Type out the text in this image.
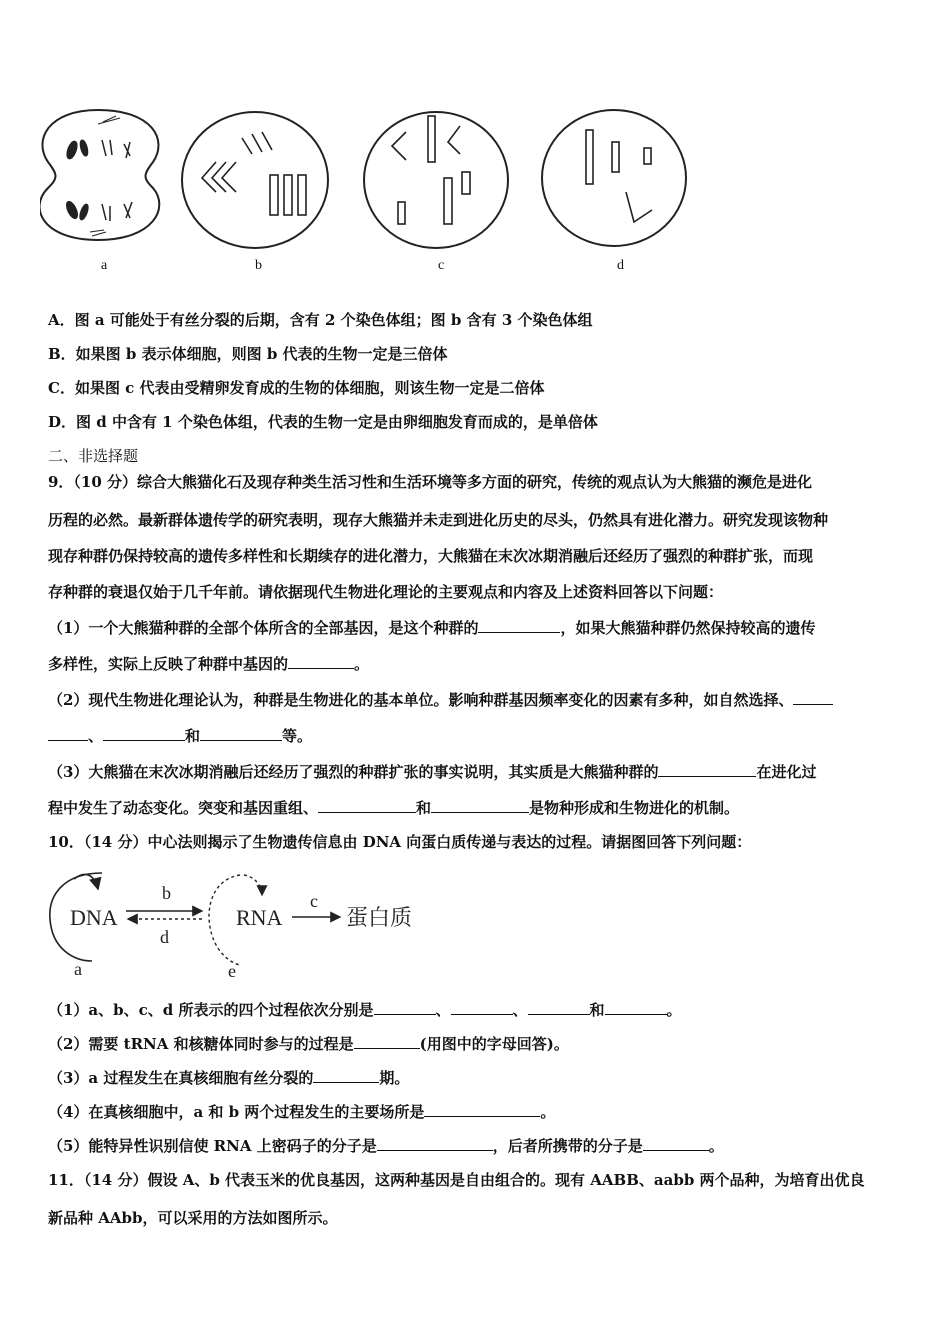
a	b	c	d
A．图 a 可能处于有丝分裂的后期，含有 2 个染色体组；图 b 含有 3 个染色体组
B．如果图 b 表示体细胞，则图 b 代表的生物一定是三倍体
C．如果图 c 代表由受精卵发育成的生物的体细胞，则该生物一定是二倍体
D．图 d 中含有 1 个染色体组，代表的生物一定是由卵细胞发育而成的，是单倍体
二、非选择题
9．（10 分）综合大熊猫化石及现存种类生活习性和生活环境等多方面的研究，传统的观点认为大熊猫的濒危是进化
历程的必然。最新群体遗传学的研究表明，现存大熊猫并未走到进化历史的尽头，仍然具有进化潜力。研究发现该物种
现存种群仍保持较高的遗传多样性和长期续存的进化潜力，大熊猫在末次冰期消融后还经历了强烈的种群扩张，而现
存种群的衰退仅始于几千年前。请依据现代生物进化理论的主要观点和内容及上述资料回答以下问题：
（1）一个大熊猫种群的全部个体所含的全部基因，是这个种群的	，如果大熊猫种群仍然保持较高的遗传
多样性，实际上反映了种群中基因的	。
（2）现代生物进化理论认为，种群是生物进化的基本单位。影响种群基因频率变化的因素有多种，如自然选择、
、	和	等。
（3）大熊猫在末次冰期消融后还经历了强烈的种群扩张的事实说明，其实质是大熊猫种群的	在进化过
程中发生了动态变化。突变和基因重组、	和	是物种形成和生物进化的机制。
10．（14 分）中心法则揭示了生物遗传信息由 DNA 向蛋白质传递与表达的过程。请据图回答下列问题：
DNA
a
b
d
RNA
e
c
蛋白质
（1）a、b、c、d 所表示的四个过程依次分别是	、	、	和	。
（2）需要 tRNA 和核糖体同时参与的过程是	(用图中的字母回答)。
（3）a 过程发生在真核细胞有丝分裂的	期。
（4）在真核细胞中，a 和 b 两个过程发生的主要场所是	。
（5）能特异性识别信使 RNA 上密码子的分子是	，后者所携带的分子是	。
11．（14 分）假设 A、b 代表玉米的优良基因，这两种基因是自由组合的。现有 AABB、aabb 两个品种，为培育出优良
新品种 AAbb，可以采用的方法如图所示。
